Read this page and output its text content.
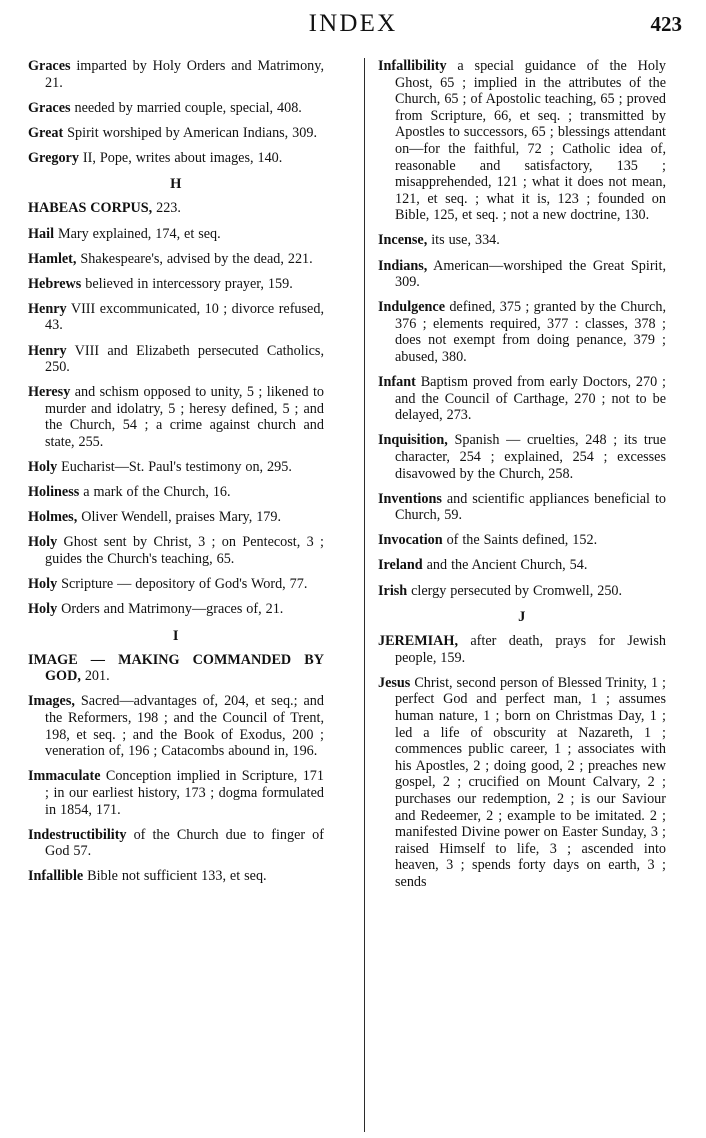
INDEX	423

Graces imparted by Holy Orders and Matrimony, 21.

Graces needed by married couple, special, 408.

Great Spirit worshiped by American Indians, 309.

Gregory II, Pope, writes about images, 140.

H

HABEAS CORPUS, 223.

Hail Mary explained, 174, et seq.

Hamlet, Shakespeare's, advised by the dead, 221.

Hebrews believed in intercessory prayer, 159.

Henry VIII excommunicated, 10 ; divorce refused, 43.

Henry VIII and Elizabeth persecuted Catholics, 250.

Heresy and schism opposed to unity, 5 ; likened to murder and idolatry, 5 ; heresy defined, 5 ; and the Church, 54 ; a crime against church and state, 255.

Holy Eucharist—St. Paul's testimony on, 295.

Holiness a mark of the Church, 16.

Holmes, Oliver Wendell, praises Mary, 179.

Holy Ghost sent by Christ, 3 ; on Pentecost, 3 ; guides the Church's teaching, 65.

Holy Scripture — depository of God's Word, 77.

Holy Orders and Matrimony—graces of, 21.

I

IMAGE — MAKING COMMANDED BY GOD, 201.

Images, Sacred—advantages of, 204, et seq.; and the Reformers, 198 ; and the Council of Trent, 198, et seq. ; and the Book of Exodus, 200 ; veneration of, 196 ; Catacombs abound in, 196.

Immaculate Conception implied in Scripture, 171 ; in our earliest history, 173 ; dogma formulated in 1854, 171.

Indestructibility of the Church due to finger of God 57.

Infallible Bible not sufficient 133, et seq.

Infallibility a special guidance of the Holy Ghost, 65 ; implied in the attributes of the Church, 65 ; of Apostolic teaching, 65 ; proved from Scripture, 66, et seq. ; transmitted by Apostles to successors, 65 ; blessings attendant on—for the faithful, 72 ; Catholic idea of, reasonable and satisfactory, 135 ; misapprehended, 121 ; what it does not mean, 121, et seq. ; what it is, 123 ; founded on Bible, 125, et seq. ; not a new doctrine, 130.

Incense, its use, 334.

Indians, American—worshiped the Great Spirit, 309.

Indulgence defined, 375 ; granted by the Church, 376 ; elements required, 377 : classes, 378 ; does not exempt from doing penance, 379 ; abused, 380.

Infant Baptism proved from early Doctors, 270 ; and the Council of Carthage, 270 ; not to be delayed, 273.

Inquisition, Spanish — cruelties, 248 ; its true character, 254 ; explained, 254 ; excesses disavowed by the Church, 258.

Inventions and scientific appliances beneficial to Church, 59.

Invocation of the Saints defined, 152.

Ireland and the Ancient Church, 54.

Irish clergy persecuted by Cromwell, 250.

J

JEREMIAH, after death, prays for Jewish people, 159.

Jesus Christ, second person of Blessed Trinity, 1 ; perfect God and perfect man, 1 ; assumes human nature, 1 ; born on Christmas Day, 1 ; led a life of obscurity at Nazareth, 1 ; commences public career, 1 ; associates with his Apostles, 2 ; doing good, 2 ; preaches new gospel, 2 ; crucified on Mount Calvary, 2 ; purchases our redemption, 2 ; is our Saviour and Redeemer, 2 ; example to be imitated. 2 ; manifested Divine power on Easter Sunday, 3 ; raised Himself to life, 3 ; ascended into heaven, 3 ; spends forty days on earth, 3 ; sends
